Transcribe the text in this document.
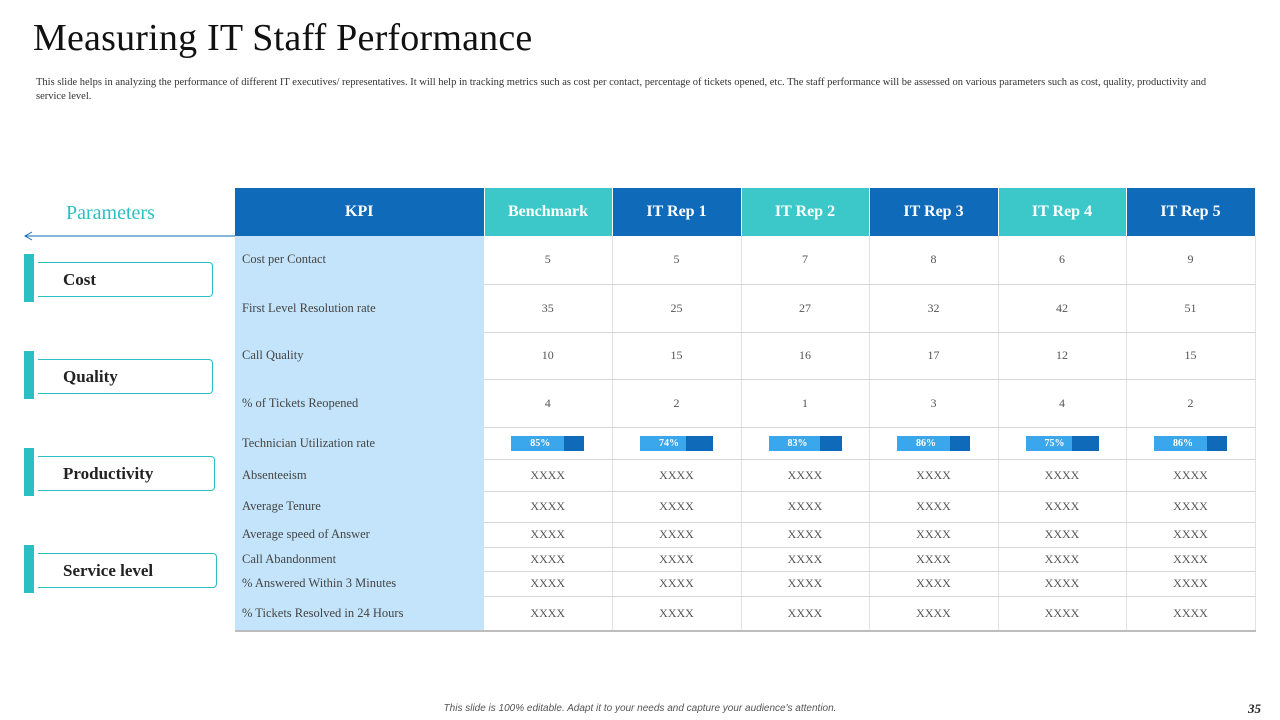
Measuring IT Staff Performance

This slide helps in analyzing the performance of different IT executives/ representatives. It will help in tracking metrics such as cost per contact, percentage of tickets opened, etc. The staff performance will be assessed on various parameters such as cost, quality, productivity and service level.

Parameters
Cost
Quality
Productivity
Service level
KPI	Benchmark	IT Rep 1	IT Rep 2	IT Rep 3	IT Rep 4	IT Rep 5
Cost per Contact	5	5	7	8	6	9
First Level Resolution rate	35	25	27	32	42	51
Call Quality	10	15	16	17	12	15
% of Tickets Reopened	4	2	1	3	4	2
Technician Utilization rate	85%	74%	83%	86%	75%	86%

Absenteeism	XXXX	XXXX	XXXX	XXXX	XXXX	XXXX
Average Tenure	XXXX	XXXX	XXXX	XXXX	XXXX	XXXX
Average speed of Answer	XXXX	XXXX	XXXX	XXXX	XXXX	XXXX
Call Abandonment	XXXX	XXXX	XXXX	XXXX	XXXX	XXXX
% Answered Within 3 Minutes	XXXX	XXXX	XXXX	XXXX	XXXX	XXXX
% Tickets Resolved in 24 Hours	XXXX	XXXX	XXXX	XXXX	XXXX	XXXX
This slide is 100% editable. Adapt it to your needs and capture your audience's attention.	35
